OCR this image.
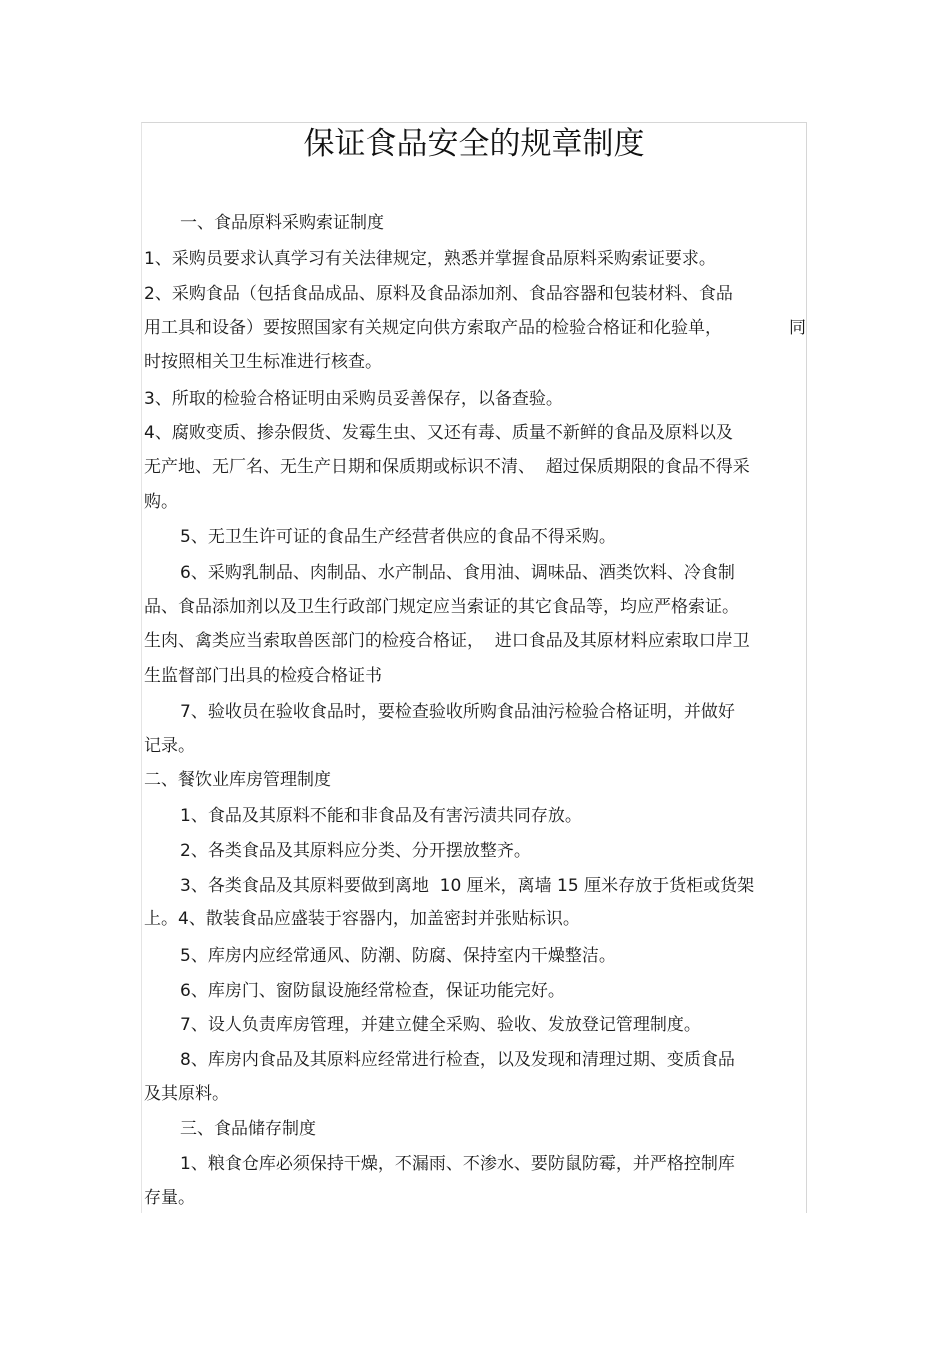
保证食品安全的规章制度
一、食品原料采购索证制度
1、采购员要求认真学习有关法律规定，熟悉并掌握食品原料采购索证要求。
2、采购食品（包括食品成品、原料及食品添加剂、食品容器和包装材料、食品
用工具和设备）要按照国家有关规定向供方索取产品的检验合格证和化验单，	同
时按照相关卫生标准进行核查。
3、所取的检验合格证明由采购员妥善保存，以备查验。
4、腐败变质、掺杂假货、发霉生虫、又还有毒、质量不新鲜的食品及原料以及
无产地、无厂名、无生产日期和保质期或标识不清、  超过保质期限的食品不得采
购。
5、无卫生许可证的食品生产经营者供应的食品不得采购。
6、采购乳制品、肉制品、水产制品、食用油、调味品、酒类饮料、冷食制
品、食品添加剂以及卫生行政部门规定应当索证的其它食品等，均应严格索证。
生肉、禽类应当索取兽医部门的检疫合格证，  进口食品及其原材料应索取口岸卫
生监督部门出具的检疫合格证书
7、验收员在验收食品时，要检查验收所购食品油污检验合格证明，并做好
记录。
二、餐饮业库房管理制度
1、食品及其原料不能和非食品及有害污渍共同存放。
2、各类食品及其原料应分类、分开摆放整齐。
3、各类食品及其原料要做到离地  10 厘米，离墙 15 厘米存放于货柜或货架
上。4、散装食品应盛装于容器内，加盖密封并张贴标识。
5、库房内应经常通风、防潮、防腐、保持室内干燥整洁。
6、库房门、窗防鼠设施经常检查，保证功能完好。
7、设人负责库房管理，并建立健全采购、验收、发放登记管理制度。
8、库房内食品及其原料应经常进行检查，以及发现和清理过期、变质食品
及其原料。
三、食品储存制度
1、粮食仓库必须保持干燥，不漏雨、不渗水、要防鼠防霉，并严格控制库
存量。
